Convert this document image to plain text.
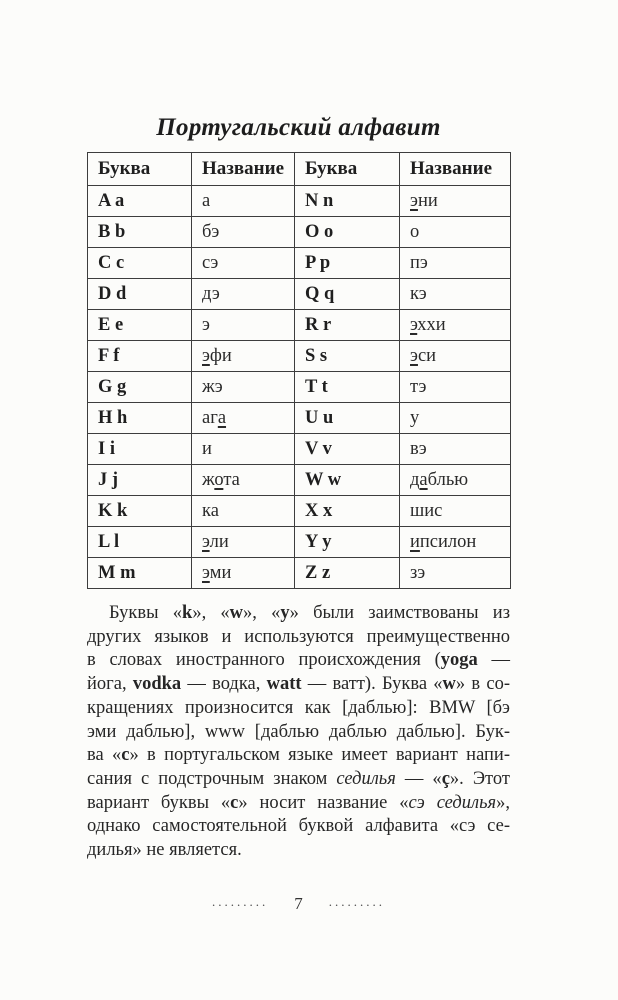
Португальский алфавит
Буква	Название	Буква	Название
A a	а	N n	эни
B b	бэ	O o	о
C c	сэ	P p	пэ
D d	дэ	Q q	кэ
E e	э	R r	эххи
F f	эфи	S s	эси
G g	жэ	T t	тэ
H h	ага	U u	у
I i	и	V v	вэ
J j	жота	W w	даблью
K k	ка	X x	шис
L l	эли	Y y	ипсилон
M m	эми	Z z	зэ
Буквы «k», «w», «y» были заимствованы из
других языков и используются преимущественно
в словах иностранного происхождения (yoga —
йога, vodka — водка, watt — ватт). Буква «w» в со-
кращениях произносится как [даблью]: BMW [бэ
эми даблью], www [даблью даблью даблью]. Бук-
ва «c» в португальском языке имеет вариант напи-
сания с подстрочным знаком седилья — «ç». Этот
вариант буквы «c» носит название «сэ седилья»,
однако самостоятельной буквой алфавита «сэ се-
дилья» не является.
......... 7 .........
